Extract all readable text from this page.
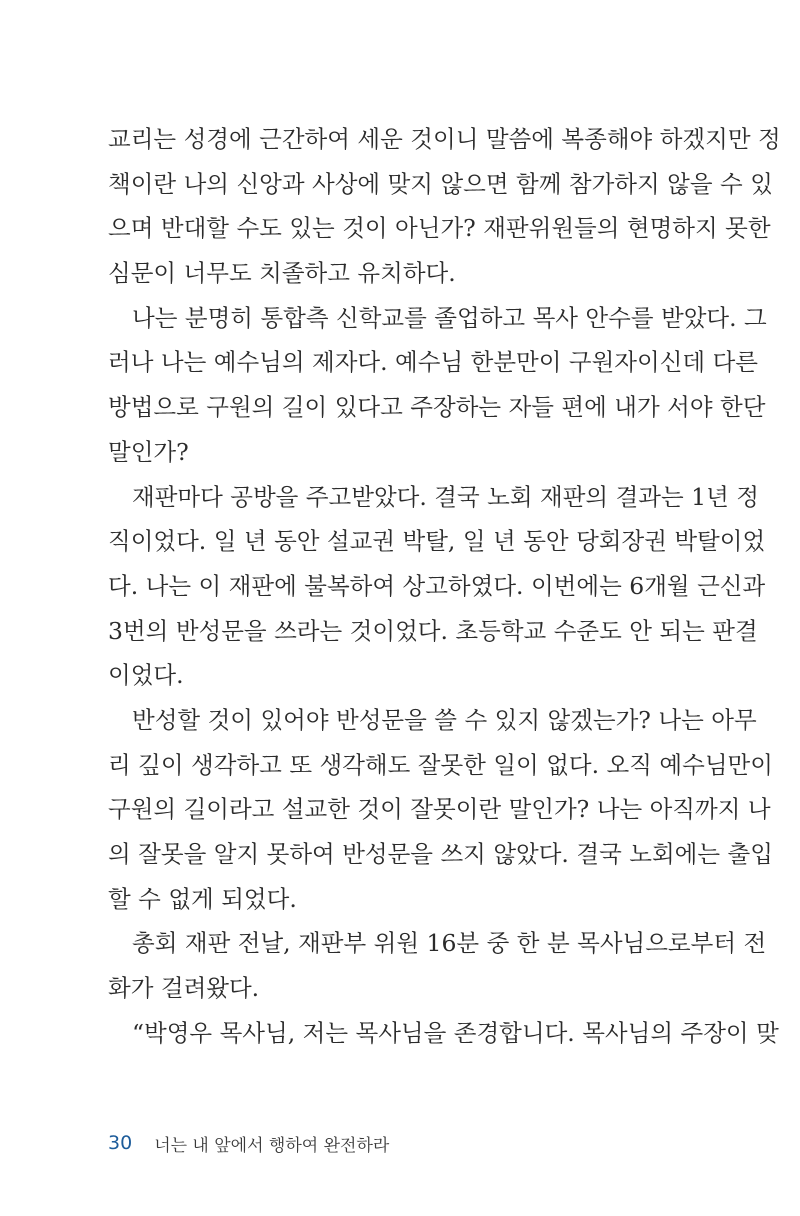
교리는 성경에 근간하여 세운 것이니 말씀에 복종해야 하겠지만 정
책이란 나의 신앙과 사상에 맞지 않으면 함께 참가하지 않을 수 있
으며 반대할 수도 있는 것이 아닌가? 재판위원들의 현명하지 못한
심문이 너무도 치졸하고 유치하다.
나는 분명히 통합측 신학교를 졸업하고 목사 안수를 받았다. 그
러나 나는 예수님의 제자다. 예수님 한분만이 구원자이신데 다른
방법으로 구원의 길이 있다고 주장하는 자들 편에 내가 서야 한단
말인가?
재판마다 공방을 주고받았다. 결국 노회 재판의 결과는 1년 정
직이었다. 일 년 동안 설교권 박탈, 일 년 동안 당회장권 박탈이었
다. 나는 이 재판에 불복하여 상고하였다. 이번에는 6개월 근신과
3번의 반성문을 쓰라는 것이었다. 초등학교 수준도 안 되는 판결
이었다.
반성할 것이 있어야 반성문을 쓸 수 있지 않겠는가? 나는 아무
리 깊이 생각하고 또 생각해도 잘못한 일이 없다. 오직 예수님만이
구원의 길이라고 설교한 것이 잘못이란 말인가? 나는 아직까지 나
의 잘못을 알지 못하여 반성문을 쓰지 않았다. 결국 노회에는 출입
할 수 없게 되었다.
총회 재판 전날, 재판부 위원 16분 중 한 분 목사님으로부터 전
화가 걸려왔다.
“박영우 목사님, 저는 목사님을 존경합니다. 목사님의 주장이 맞
30 너는 내 앞에서 행하여 완전하라
